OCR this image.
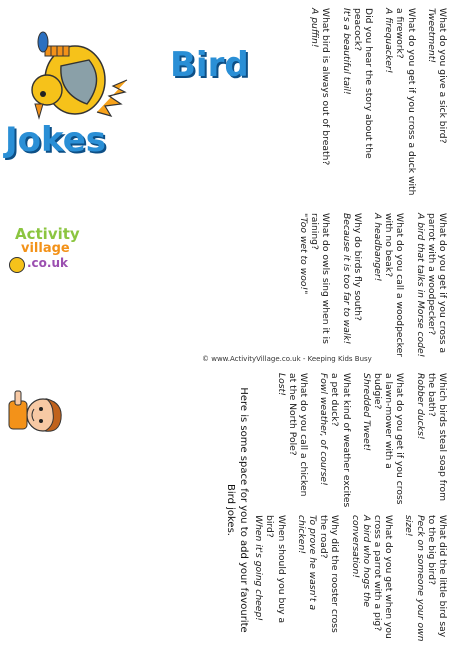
Bird
Jokes	What do you give a sick bird?
Tweetment!
What do you get if you cross a duck with a firework?
A firequacker!
Did you hear the story about the peacock?
It's a beautiful tail!
What bird is always out of breath?
A puffin!
What do you get if you cross a parrot with a woodpecker?
A bird that talks in Morse code!
What do you call a woodpecker with no beak?
A headbanger!
Why do birds fly south?
Because it is too far to walk!
What do owls sing when it is raining?
"Too wet to woo!"
Activity
village
.co.uk
© www.ActivityVillage.co.uk - Keeping Kids Busy
Which birds steal soap from the bath?
Robber ducks!
What do you get if you cross a lawn-mower with a budgie?
Shredded Tweet!
What kind of weather excites a pet duck?
Fowl weather, of course!
What do you call a chicken at the North Pole?
Lost!
What did the little bird say to the big bird?
Peck on someone your own size!
What do you get when you cross a parrot with a pig?
A bird who hogs the conversation!
Why did the rooster cross the road?
To prove he wasn't a chicken!
When should you buy a bird?
When it's going cheep!
Here is some space for you to add your favourite
Bird jokes.
